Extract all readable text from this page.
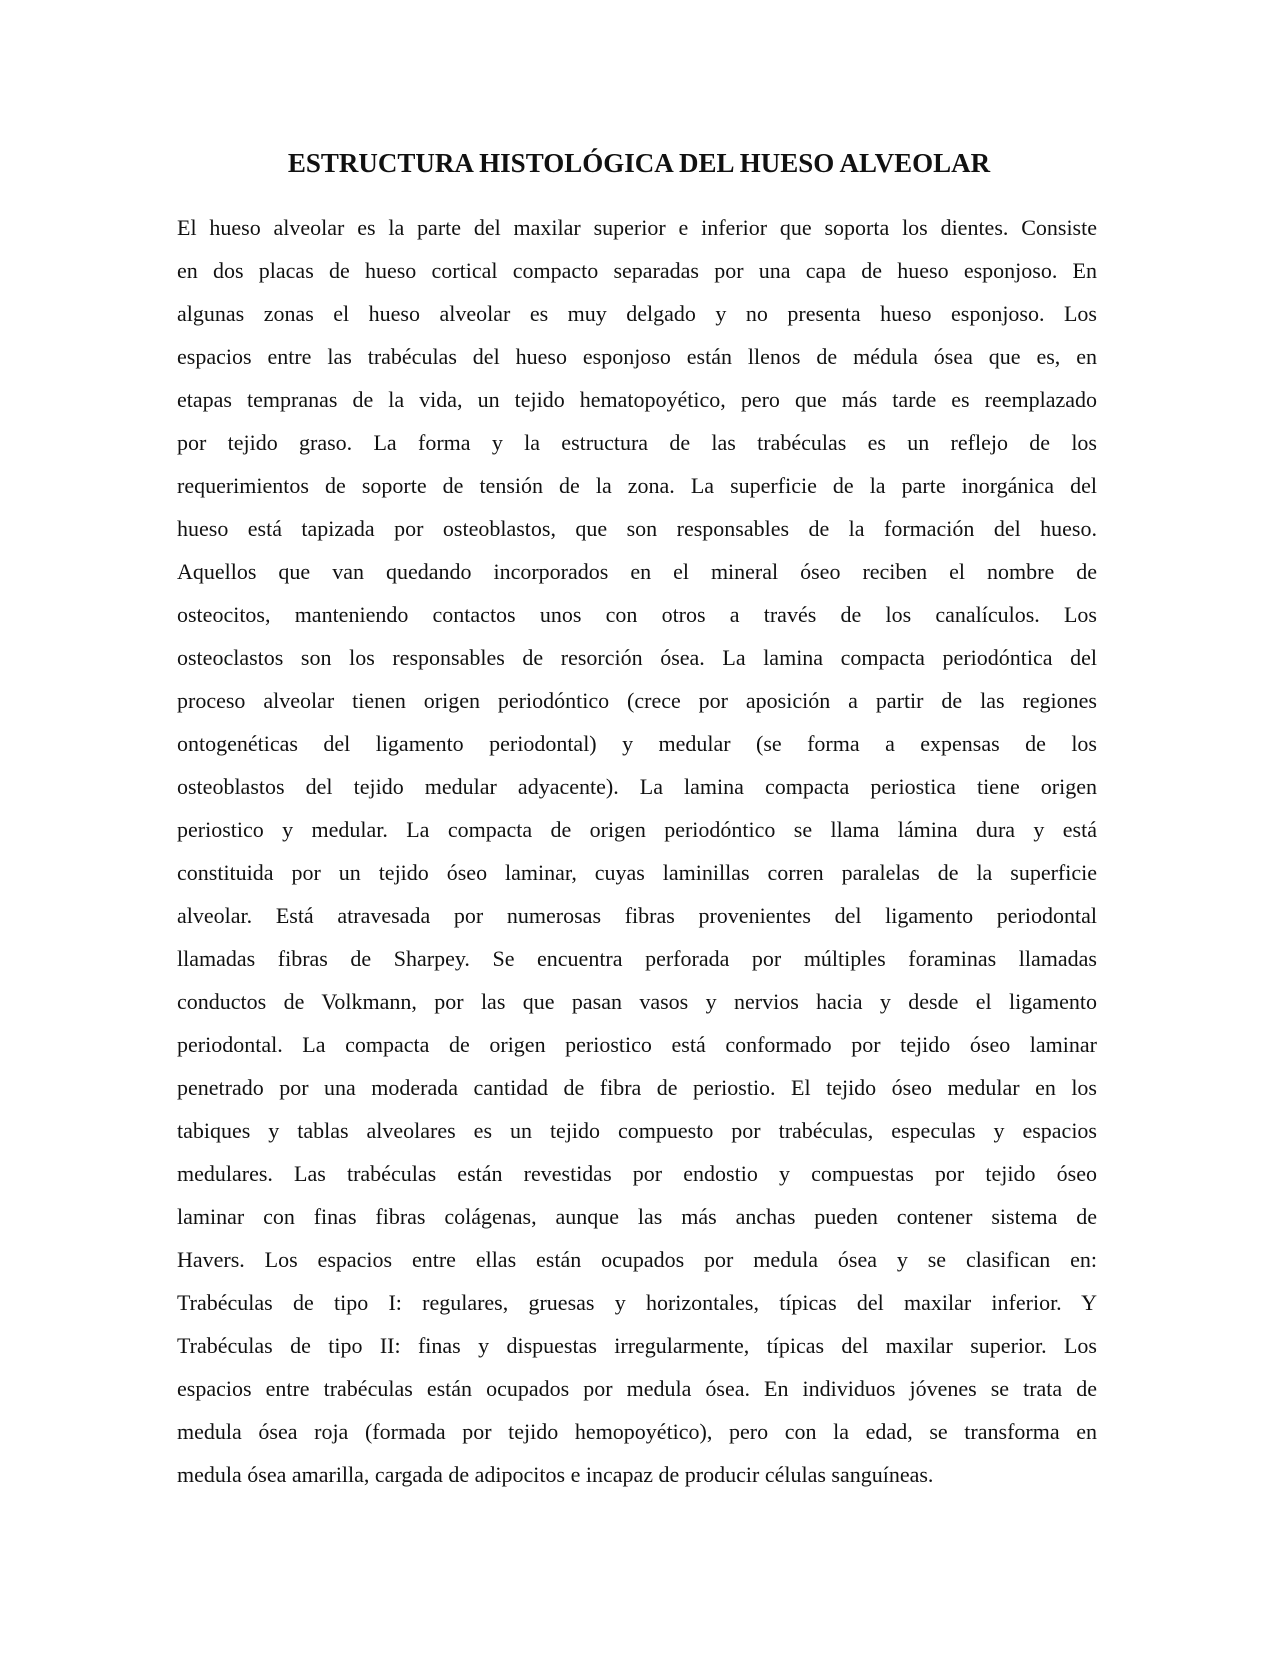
ESTRUCTURA HISTOLÓGICA DEL HUESO ALVEOLAR
El hueso alveolar es la parte del maxilar superior e inferior que soporta los dientes. Consiste
en dos placas de hueso cortical compacto separadas por una capa de hueso esponjoso. En
algunas zonas el hueso alveolar es muy delgado y no presenta hueso esponjoso. Los
espacios entre las trabéculas del hueso esponjoso están llenos de médula ósea que es, en
etapas tempranas de la vida, un tejido hematopoyético, pero que más tarde es reemplazado
por tejido graso. La forma y la estructura de las trabéculas es un reflejo de los
requerimientos de soporte de tensión de la zona. La superficie de la parte inorgánica del
hueso está tapizada por osteoblastos, que son responsables de la formación del hueso.
Aquellos que van quedando incorporados en el mineral óseo reciben el nombre de
osteocitos, manteniendo contactos unos con otros a través de los canalículos. Los
osteoclastos son los responsables de resorción ósea. La lamina compacta periodóntica del
proceso alveolar tienen origen periodóntico (crece por aposición a partir de las regiones
ontogenéticas del ligamento periodontal) y medular (se forma a expensas de los
osteoblastos del tejido medular adyacente). La lamina compacta periostica tiene origen
periostico y medular. La compacta de origen periodóntico se llama lámina dura y está
constituida por un tejido óseo laminar, cuyas laminillas corren paralelas de la superficie
alveolar. Está atravesada por numerosas fibras provenientes del ligamento periodontal
llamadas fibras de Sharpey. Se encuentra perforada por múltiples foraminas llamadas
conductos de Volkmann, por las que pasan vasos y nervios hacia y desde el ligamento
periodontal. La compacta de origen periostico está conformado por tejido óseo laminar
penetrado por una moderada cantidad de fibra de periostio. El tejido óseo medular en los
tabiques y tablas alveolares es un tejido compuesto por trabéculas, especulas y espacios
medulares. Las trabéculas están revestidas por endostio y compuestas por tejido óseo
laminar con finas fibras colágenas, aunque las más anchas pueden contener sistema de
Havers. Los espacios entre ellas están ocupados por medula ósea y se clasifican en:
Trabéculas de tipo I: regulares, gruesas y horizontales, típicas del maxilar inferior. Y
Trabéculas de tipo II: finas y dispuestas irregularmente, típicas del maxilar superior. Los
espacios entre trabéculas están ocupados por medula ósea. En individuos jóvenes se trata de
medula ósea roja (formada por tejido hemopoyético), pero con la edad, se transforma en
medula ósea amarilla, cargada de adipocitos e incapaz de producir células sanguíneas.
